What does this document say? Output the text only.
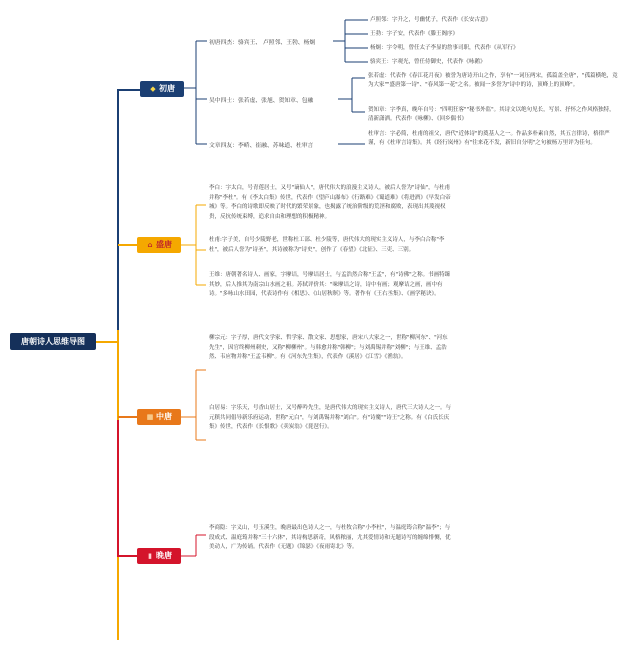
唐朝诗人思维导图
◆ 初唐
初唐四杰：骆宾王、 卢照邻、王勃、杨炯
卢照邻：字升之，号幽忧子，代表作《长安古意》
王勃：字子安，代表作《滕王阁序》
杨炯：字令明，曾任太子李显的詹事司职，代表作《从军行》
骆宾王：字观光，曾任侍御史，代表作《咏鹅》
吴中四士：张若虚、张旭、贺知章、包融
张若虚：代表作《春江花月夜》被誉为唐诗开山之作，享有"一词压两宋，孤篇盖全唐"，"孤篇横绝，竟为大家""盛唐第一诗"、"春风第一花"之名。被闻一多誉为"诗中的诗，顶峰上的顶峰"。
贺知章：字季真，晚年自号："四明狂客""秘书外监"。其诗文以绝句见长，写景、抒怀之作风格独特，清新潇洒。代表作《咏柳》、《回乡偶书》
文章四友：李峤、崔融、苏味道、杜审言
杜审言：字必简，杜甫的祖父，唐代"近体诗"的奠基人之一。作品多朴素自然，其五言律诗，格律严谨，有《杜审言诗集》。其《经行岚州》有"往来花不发，新旧自分明"之句被杨万里评为佳句。
⌂ 盛唐
李白：字太白，号青莲居士，又号"谪仙人"，唐代伟大的浪漫主义诗人，被后人誉为"诗仙"，与杜甫并称"李杜"。有《李太白集》传世，代表作《望庐山瀑布》《行路难》《蜀道难》《将进酒》《早发白帝城》等。李白的诗歌即反映了时代的繁荣景象，也揭露了统治阶级的荒淫和腐败，表现出其蔑视权贵，反抗传统束缚，追求自由和理想的积极精神。
杜甫:字子美，自号少陵野老，世称杜工部、杜少陵等，唐代伟大的现实主义诗人，与李白合称"李杜"，被后人誉为"诗圣"，其诗被称为"诗史"，创作了《春望》《北征》、三吏、三别。
王维：唐朝著名诗人、画家，字摩诘，号摩诘居士，与孟浩然合称"王孟"，有"诗佛"之称。书画特臻其妙，后人推其为南宗山水画之祖。苏轼评价其："味摩诘之诗，诗中有画；观摩诘之画，画中有诗。"多咏山水田园，代表诗作有《相思》、《山居秋暝》等。著作有《王右丞集》、《画学秘诀》。
▦ 中唐
柳宗元：字子厚，唐代文学家、哲学家、散文家、思想家，唐宋八大家之一，世称"柳河东"、"河东先生"，因官终柳州刺史，又称"柳柳州"。与韩愈并称"韩柳"；与刘禹锡并称"刘柳"；与王维、孟浩然、韦应物并称"王孟韦柳"。有《河东先生集》，代表作《溪居》《江雪》《渔翁》。
白居易：字乐天，号香山居士，又号醉吟先生，是唐代伟大的现实主义诗人，唐代三大诗人之一。与元稹共同倡导新乐府运动，世称"元白"，与刘禹锡并称"刘白"。有"诗魔""诗王"之称。有《白氏长庆集》传世，代表作《长恨歌》《卖炭翁》《琵琶行》。
▮ 晚唐
李商隐：字义山，号玉溪生，晚唐最出色诗人之一，与杜牧合称"小李杜"，与温庭筠合称"温李"；与段成式、温庭筠并称"三十六体"，其诗构思新奇，风格秾丽，尤其爱情诗和无题诗写的缠绵悱恻，优美动人，广为传诵。代表作《无题》《锦瑟》《夜雨寄北》等。
